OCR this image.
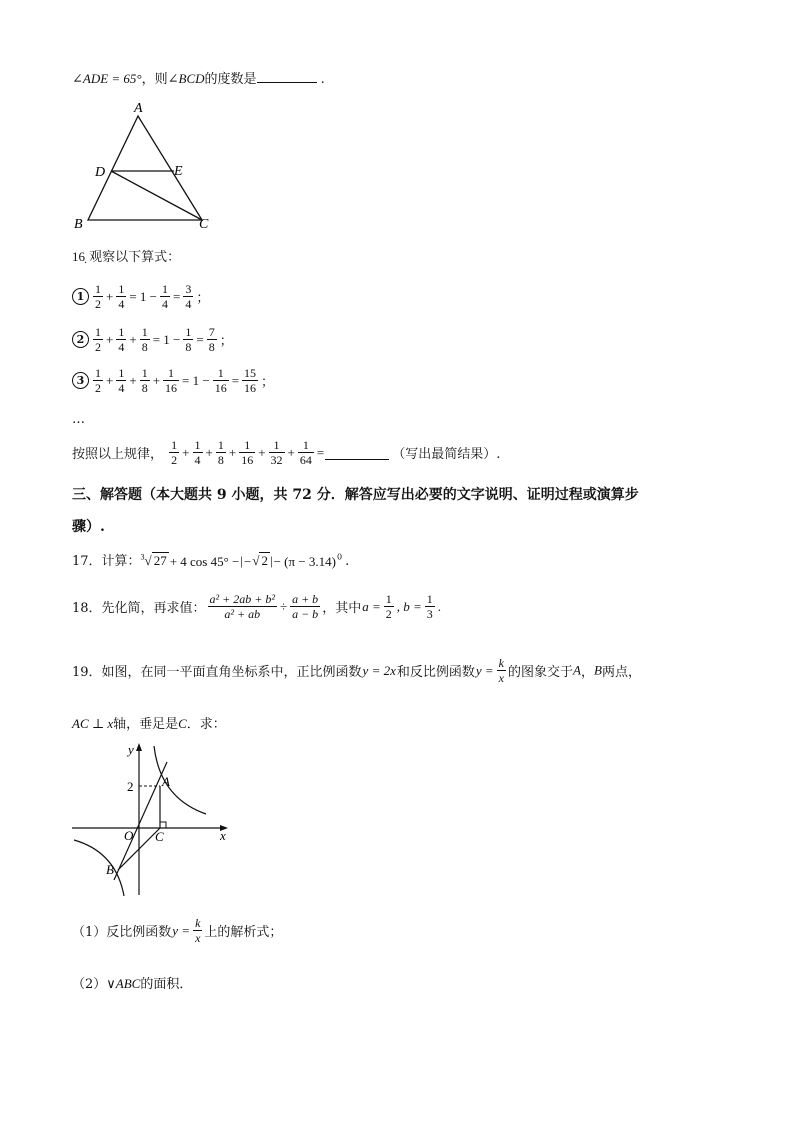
∠ADE = 65°，则∠BCD的度数是	.
A
D	E
B	C
16 观察以下算式：
·
$1 \frac{1}{2} + \frac{1}{4} = 1 - \frac{1}{4} = \frac{3}{4}$ ；
$2 \frac{1}{2} + \frac{1}{4} + \frac{1}{8} = 1 - \frac{1}{8} = \frac{7}{8}$ ；
$3 \frac{1}{2} + \frac{1}{4} + \frac{1}{8} + \frac{1}{16} = 1 - \frac{1}{16} = \frac{15}{16}$ ；
…
按照以上规律， $\frac{1}{2} + \frac{1}{4} + \frac{1}{8} + \frac{1}{16} + \frac{1}{32} + \frac{1}{64}$ =	（写出最简结果）.
三、解答题（本大题共 9 小题，共 72 分．解答应写出必要的文字说明、证明过程或演算步
骤）.
17．计算：$^3$√ 27 + 4 cos 45° −|−√ 2 |− $(\pi - 3.14)^0$ .
18．先化简，再求值： $\frac{\text{a² + 2ab + b²}}{\text{a² + ab}} \div \frac{a + b}{a - b}$ ，其中$a = \frac{1}{2}$ , $b = \frac{1}{3}$ .
19．如图，在同一平面直角坐标系中，正比例函数y = 2x和反比例函数$y = \frac{k}{x}$ 的图象交于A，B两点，
AC ⊥ x轴，垂足是C．求：
y
x
2 A
O C
B
（1）反比例函数$y = \frac{k}{x}$ 上的解析式；
（2）∨ABC的面积．
